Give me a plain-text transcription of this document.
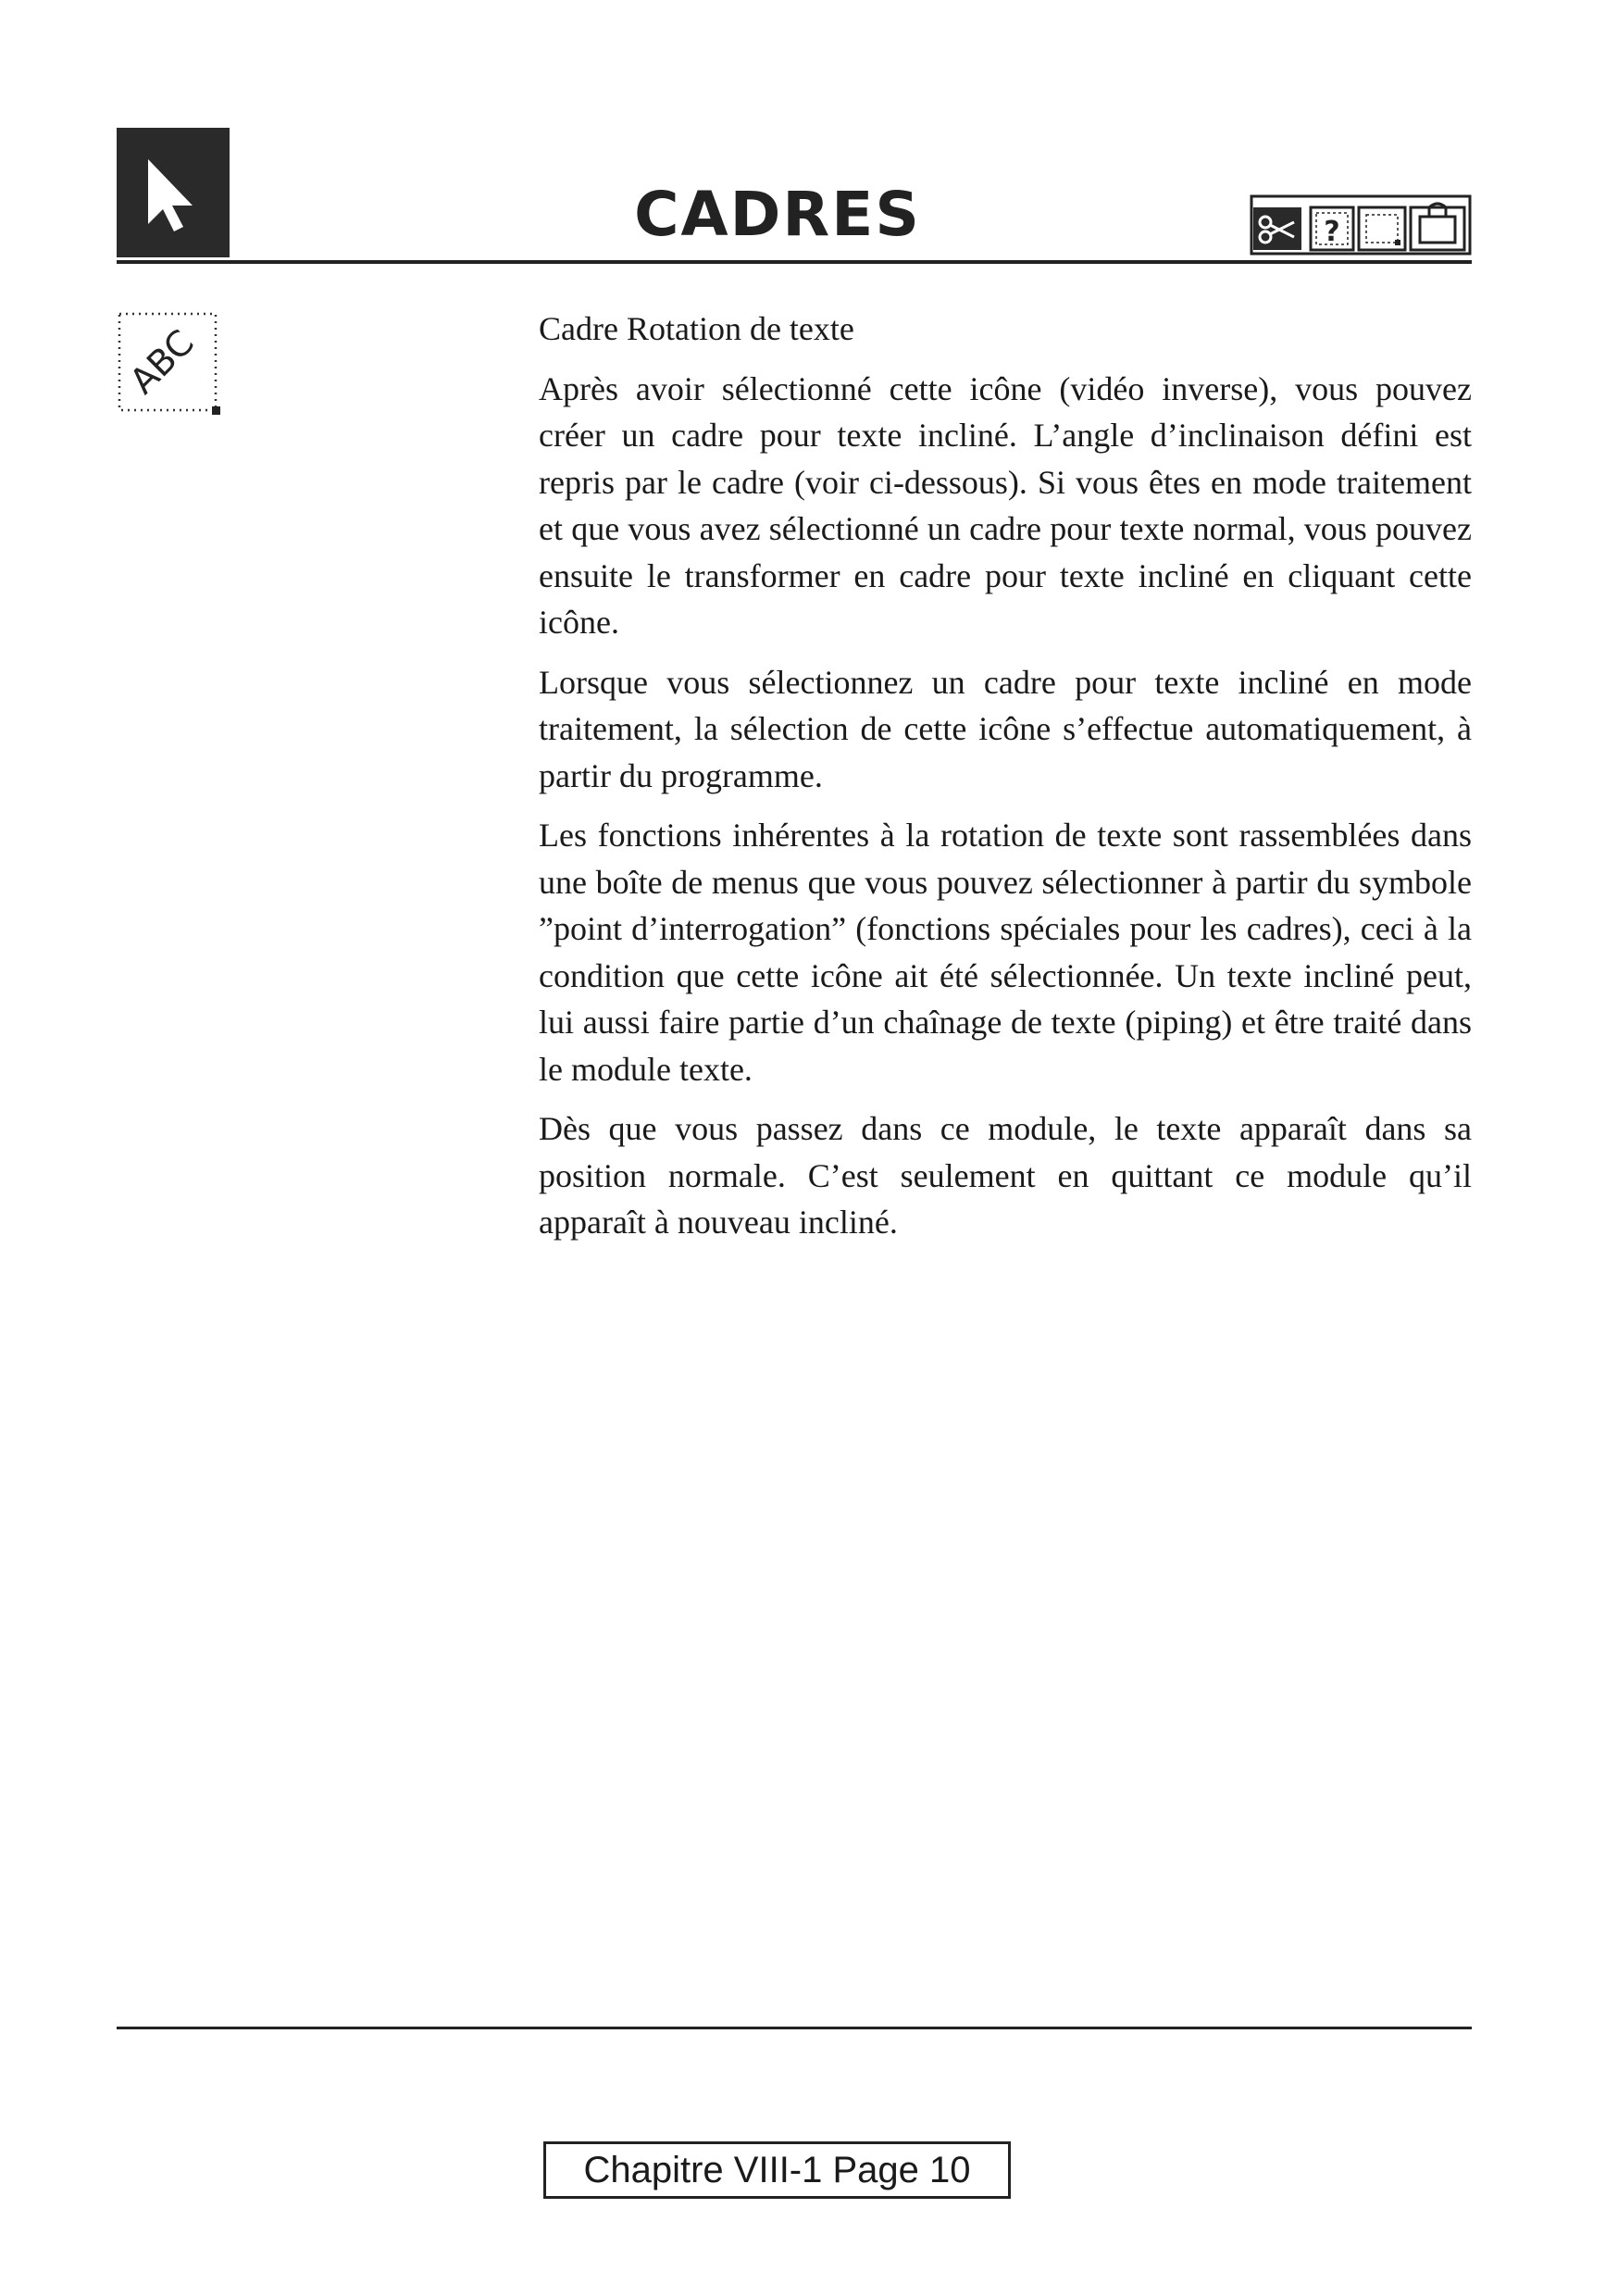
CADRES	?
ABC	Cadre Rotation de texte

Après avoir sélectionné cette icône (vidéo inverse), vous pouvez créer un cadre pour texte incliné. L’angle d’inclinaison défini est repris par le cadre (voir ci-dessous). Si vous êtes en mode traitement et que vous avez sélectionné un cadre pour texte normal, vous pouvez ensuite le transformer en cadre pour texte incliné en cliquant cette icône.

Lorsque vous sélectionnez un cadre pour texte incliné en mode traitement, la sélection de cette icône s’effectue automatiquement, à partir du programme.

Les fonctions inhérentes à la rotation de texte sont rassemblées dans une boîte de menus que vous pouvez sélectionner à partir du symbole ”point d’interrogation” (fonctions spéciales pour les cadres), ceci à la condition que cette icône ait été sélectionnée. Un texte incliné peut, lui aussi faire partie d’un chaînage de texte (piping) et être traité dans le module texte.

Dès que vous passez dans ce module, le texte apparaît dans sa position normale. C’est seulement en quittant ce module qu’il apparaît à nouveau incliné.

Chapitre VIII-1 Page 10
